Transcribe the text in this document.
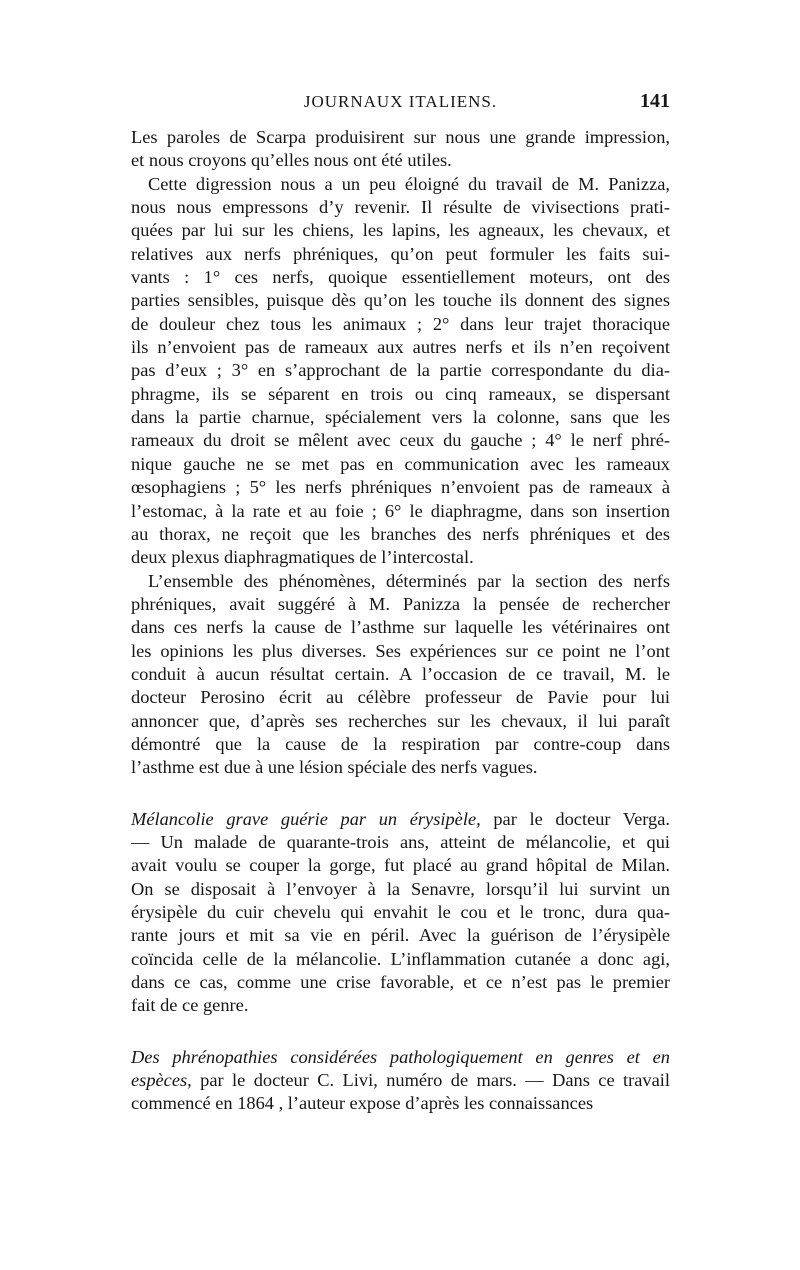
JOURNAUX ITALIENS.	141
Les paroles de Scarpa produisirent sur nous une grande impression,
et nous croyons qu’elles nous ont été utiles.
Cette digression nous a un peu éloigné du travail de M. Panizza,
nous nous empressons d’y revenir. Il résulte de vivisections prati-
quées par lui sur les chiens, les lapins, les agneaux, les chevaux, et
relatives aux nerfs phréniques, qu’on peut formuler les faits sui-
vants : 1° ces nerfs, quoique essentiellement moteurs, ont des
parties sensibles, puisque dès qu’on les touche ils donnent des signes
de douleur chez tous les animaux ; 2° dans leur trajet thoracique
ils n’envoient pas de rameaux aux autres nerfs et ils n’en reçoivent
pas d’eux ; 3° en s’approchant de la partie correspondante du dia-
phragme, ils se séparent en trois ou cinq rameaux, se dispersant
dans la partie charnue, spécialement vers la colonne, sans que les
rameaux du droit se mêlent avec ceux du gauche ; 4° le nerf phré-
nique gauche ne se met pas en communication avec les rameaux
œsophagiens ; 5° les nerfs phréniques n’envoient pas de rameaux à
l’estomac, à la rate et au foie ; 6° le diaphragme, dans son insertion
au thorax, ne reçoit que les branches des nerfs phréniques et des
deux plexus diaphragmatiques de l’intercostal.
L’ensemble des phénomènes, déterminés par la section des nerfs
phréniques, avait suggéré à M. Panizza la pensée de rechercher
dans ces nerfs la cause de l’asthme sur laquelle les vétérinaires ont
les opinions les plus diverses. Ses expériences sur ce point ne l’ont
conduit à aucun résultat certain. A l’occasion de ce travail, M. le
docteur Perosino écrit au célèbre professeur de Pavie pour lui
annoncer que, d’après ses recherches sur les chevaux, il lui paraît
démontré que la cause de la respiration par contre-coup dans
l’asthme est due à une lésion spéciale des nerfs vagues.
Mélancolie grave guérie par un érysipèle, par le docteur Verga.
— Un malade de quarante-trois ans, atteint de mélancolie, et qui
avait voulu se couper la gorge, fut placé au grand hôpital de Milan.
On se disposait à l’envoyer à la Senavre, lorsqu’il lui survint un
érysipèle du cuir chevelu qui envahit le cou et le tronc, dura qua-
rante jours et mit sa vie en péril. Avec la guérison de l’érysipèle
coïncida celle de la mélancolie. L’inflammation cutanée a donc agi,
dans ce cas, comme une crise favorable, et ce n’est pas le premier
fait de ce genre.
Des phrénopathies considérées pathologiquement en genres et en
espèces, par le docteur C. Livi, numéro de mars. — Dans ce travail
commencé en 1864 , l’auteur expose d’après les connaissances
